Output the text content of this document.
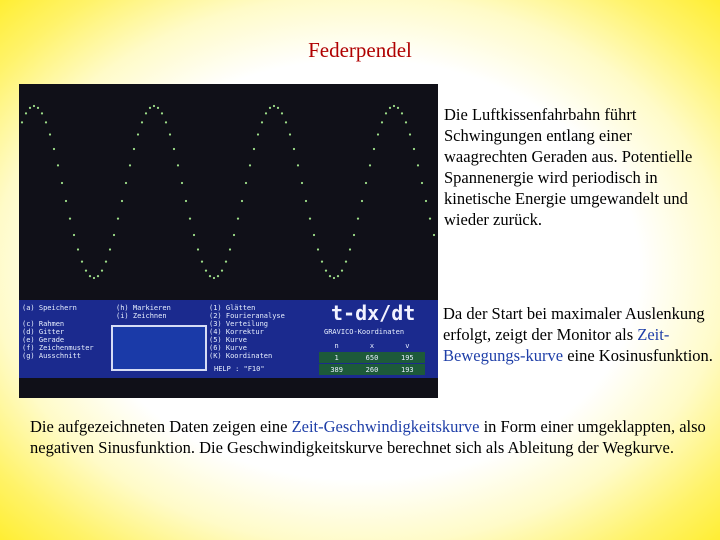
Federpendel
(a) Speichern
(c) Rahmen
(d) Gitter
(e) Gerade
(f) Zeichenmuster
(g) Ausschnitt
(h) Markieren
(i) Zeichnen
(1) Glätten
(2) Fourieranalyse
(3) Verteilung
(4) Korrektur
(5) Kurve
(6) Kurve
(K) Koordinaten
t-dx/dt
GRAVICO-Koordinaten
n	x	v
1	650	195
389	260	193
HELP : "F10"
Die Luftkissenfahrbahn führt Schwingungen entlang einer waagrechten Geraden aus. Potentielle Spannenergie wird periodisch in kinetische Energie umgewandelt und wieder zurück.
Da der Start bei maximaler Auslenkung erfolgt, zeigt der Monitor als Zeit-Bewegungs-kurve eine Kosinusfunktion.
Die aufgezeichneten Daten zeigen eine Zeit-Geschwindigkeitskurve in Form einer umgeklappten, also negativen Sinusfunktion. Die Geschwindigkeitskurve berechnet sich als Ableitung der Wegkurve.
